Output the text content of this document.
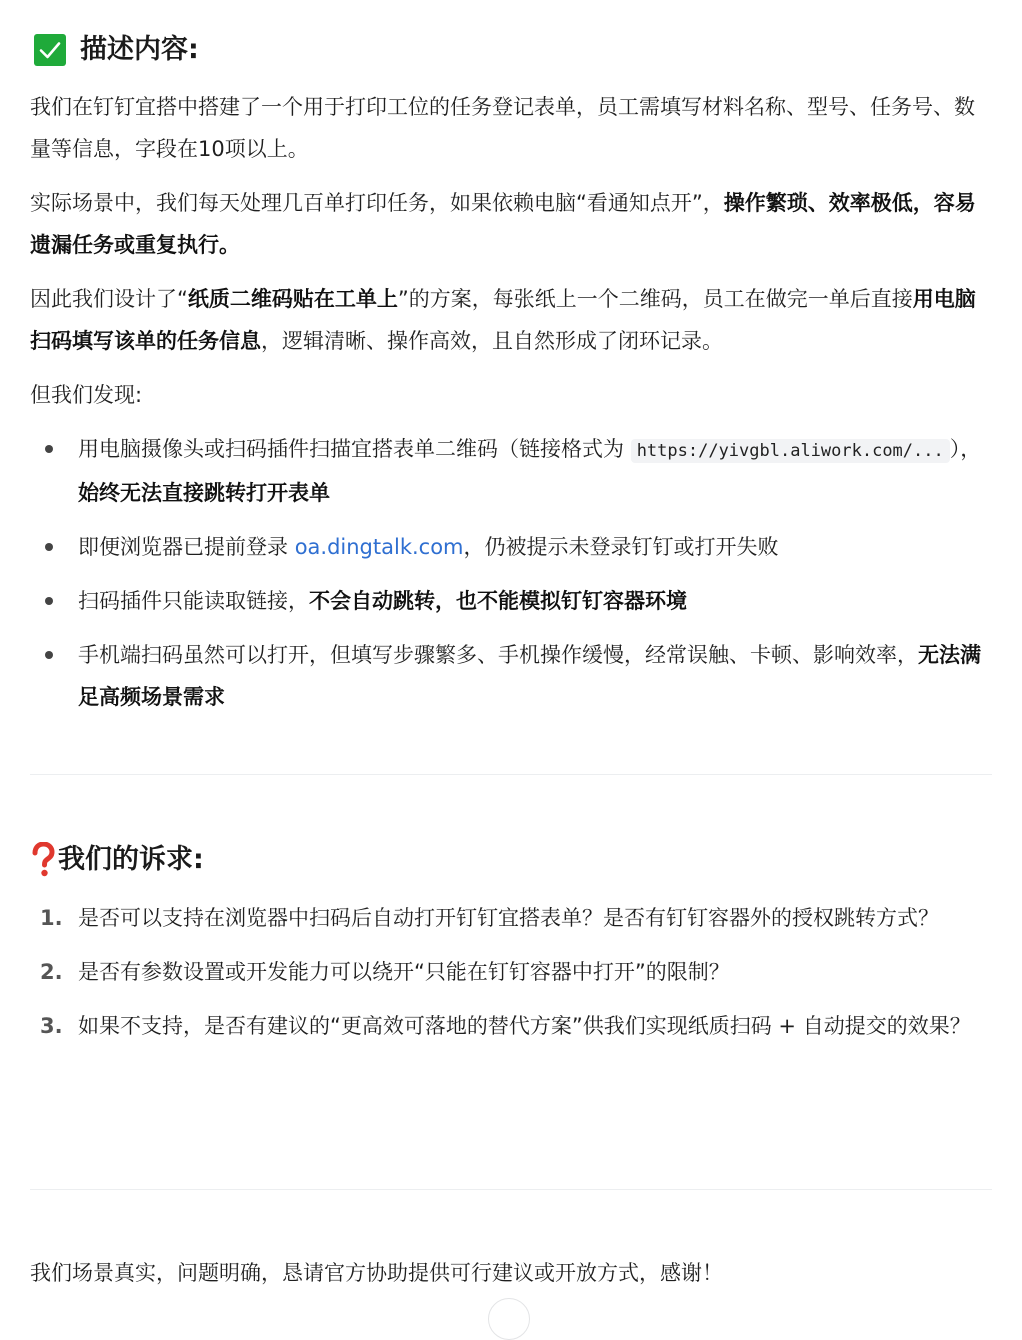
描述内容:

我们在钉钉宜搭中搭建了一个用于打印工位的任务登记表单，员工需填写材料名称、型号、任务号、数量等信息，字段在10项以上。

实际场景中，我们每天处理几百单打印任务，如果依赖电脑“看通知点开”，操作繁琐、效率极低，容易遗漏任务或重复执行。

因此我们设计了“纸质二维码贴在工单上”的方案，每张纸上一个二维码，员工在做完一单后直接用电脑扫码填写该单的任务信息，逻辑清晰、操作高效，且自然形成了闭环记录。

但我们发现:

用电脑摄像头或扫码插件扫描宜搭表单二维码（链接格式为 https://yivgbl.aliwork.com/... ），始终无法直接跳转打开表单
即便浏览器已提前登录 oa.dingtalk.com，仍被提示未登录钉钉或打开失败
扫码插件只能读取链接，不会自动跳转，也不能模拟钉钉容器环境
手机端扫码虽然可以打开，但填写步骤繁多、手机操作缓慢，经常误触、卡顿、影响效率，无法满足高频场景需求
我们的诉求:
1. 是否可以支持在浏览器中扫码后自动打开钉钉宜搭表单？是否有钉钉容器外的授权跳转方式？
2. 是否有参数设置或开发能力可以绕开“只能在钉钉容器中打开”的限制？
3. 如果不支持，是否有建议的“更高效可落地的替代方案”供我们实现纸质扫码 + 自动提交的效果？

我们场景真实，问题明确，恳请官方协助提供可行建议或开放方式，感谢！
